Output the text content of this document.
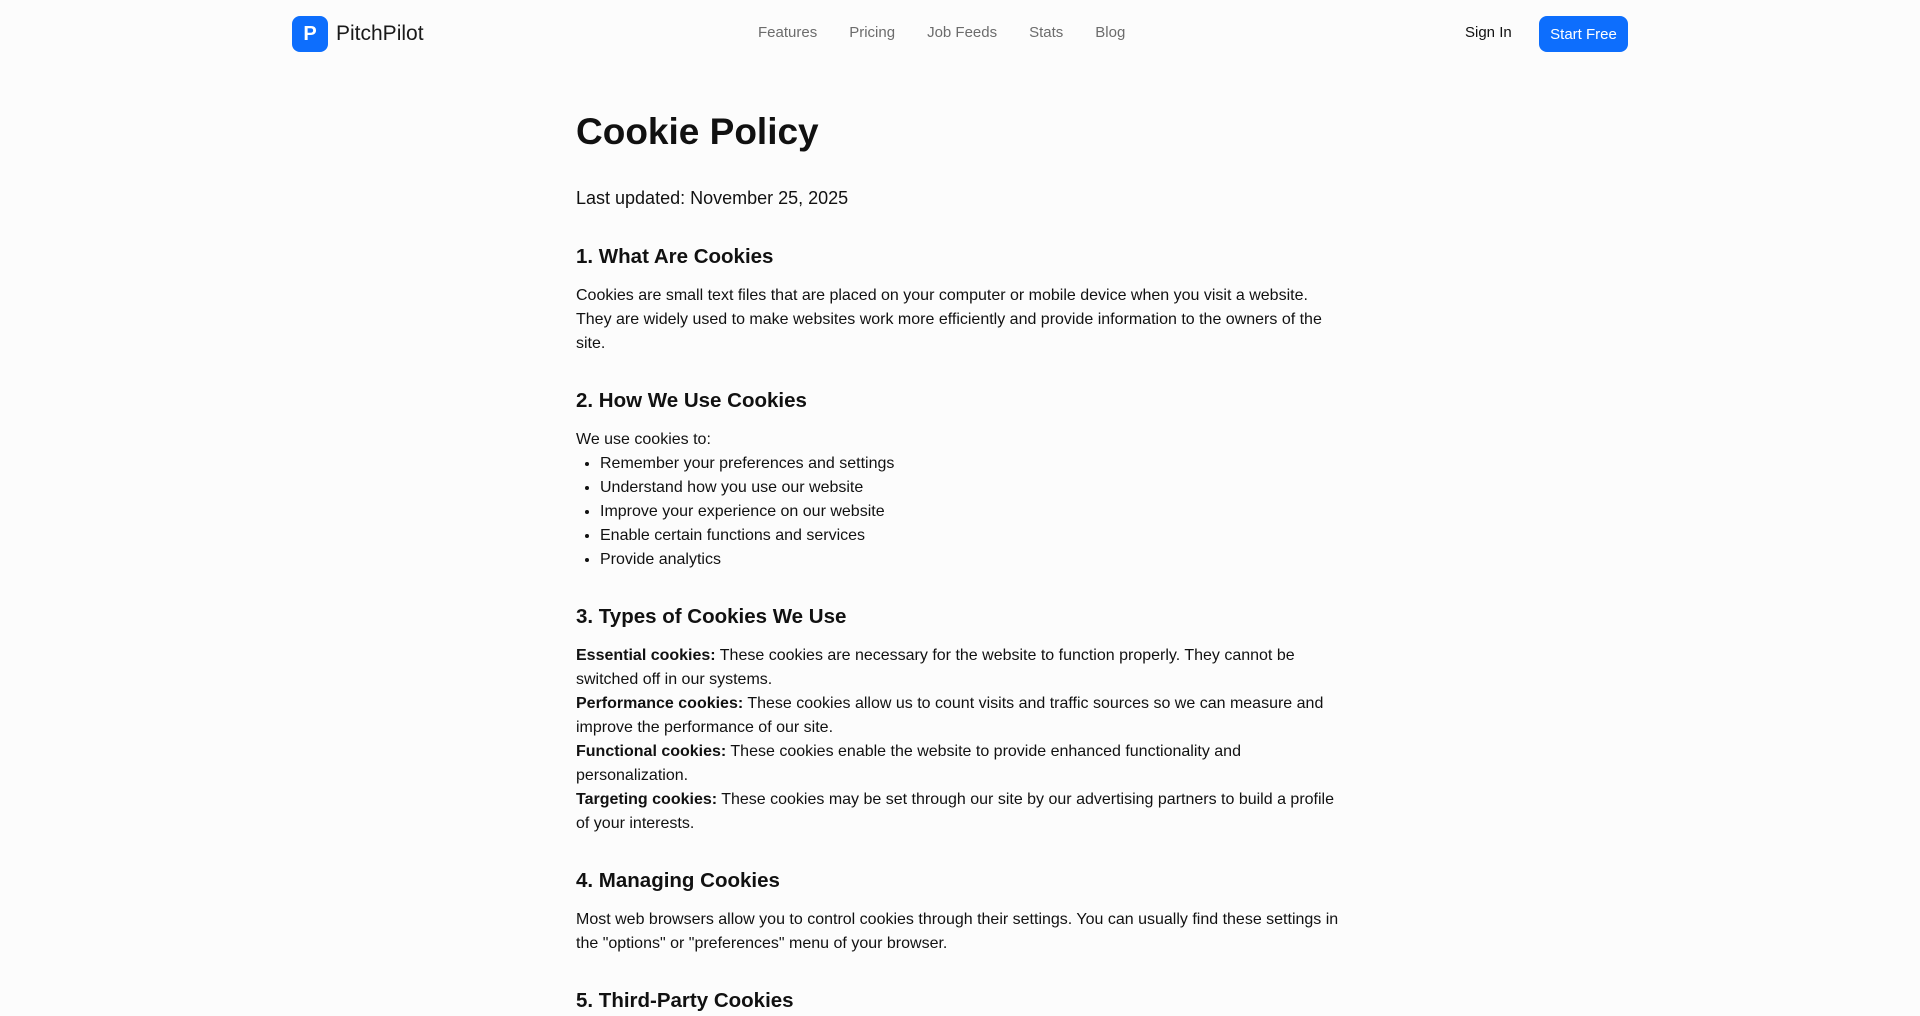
P PitchPilot	Features Pricing Job Feeds Stats Blog	Sign In	Start Free
Cookie Policy

Last updated: November 25, 2025

1. What Are Cookies

Cookies are small text files that are placed on your computer or mobile device when you visit a website. They are widely used to make websites work more efficiently and provide information to the owners of the site.

2. How We Use Cookies

We use cookies to:

• Remember your preferences and settings
• Understand how you use our website
• Improve your experience on our website
• Enable certain functions and services
• Provide analytics
3. Types of Cookies We Use

Essential cookies: These cookies are necessary for the website to function properly. They cannot be switched off in our systems.

Performance cookies: These cookies allow us to count visits and traffic sources so we can measure and improve the performance of our site.

Functional cookies: These cookies enable the website to provide enhanced functionality and personalization.

Targeting cookies: These cookies may be set through our site by our advertising partners to build a profile of your interests.

4. Managing Cookies

Most web browsers allow you to control cookies through their settings. You can usually find these settings in the "options" or "preferences" menu of your browser.

5. Third-Party Cookies
